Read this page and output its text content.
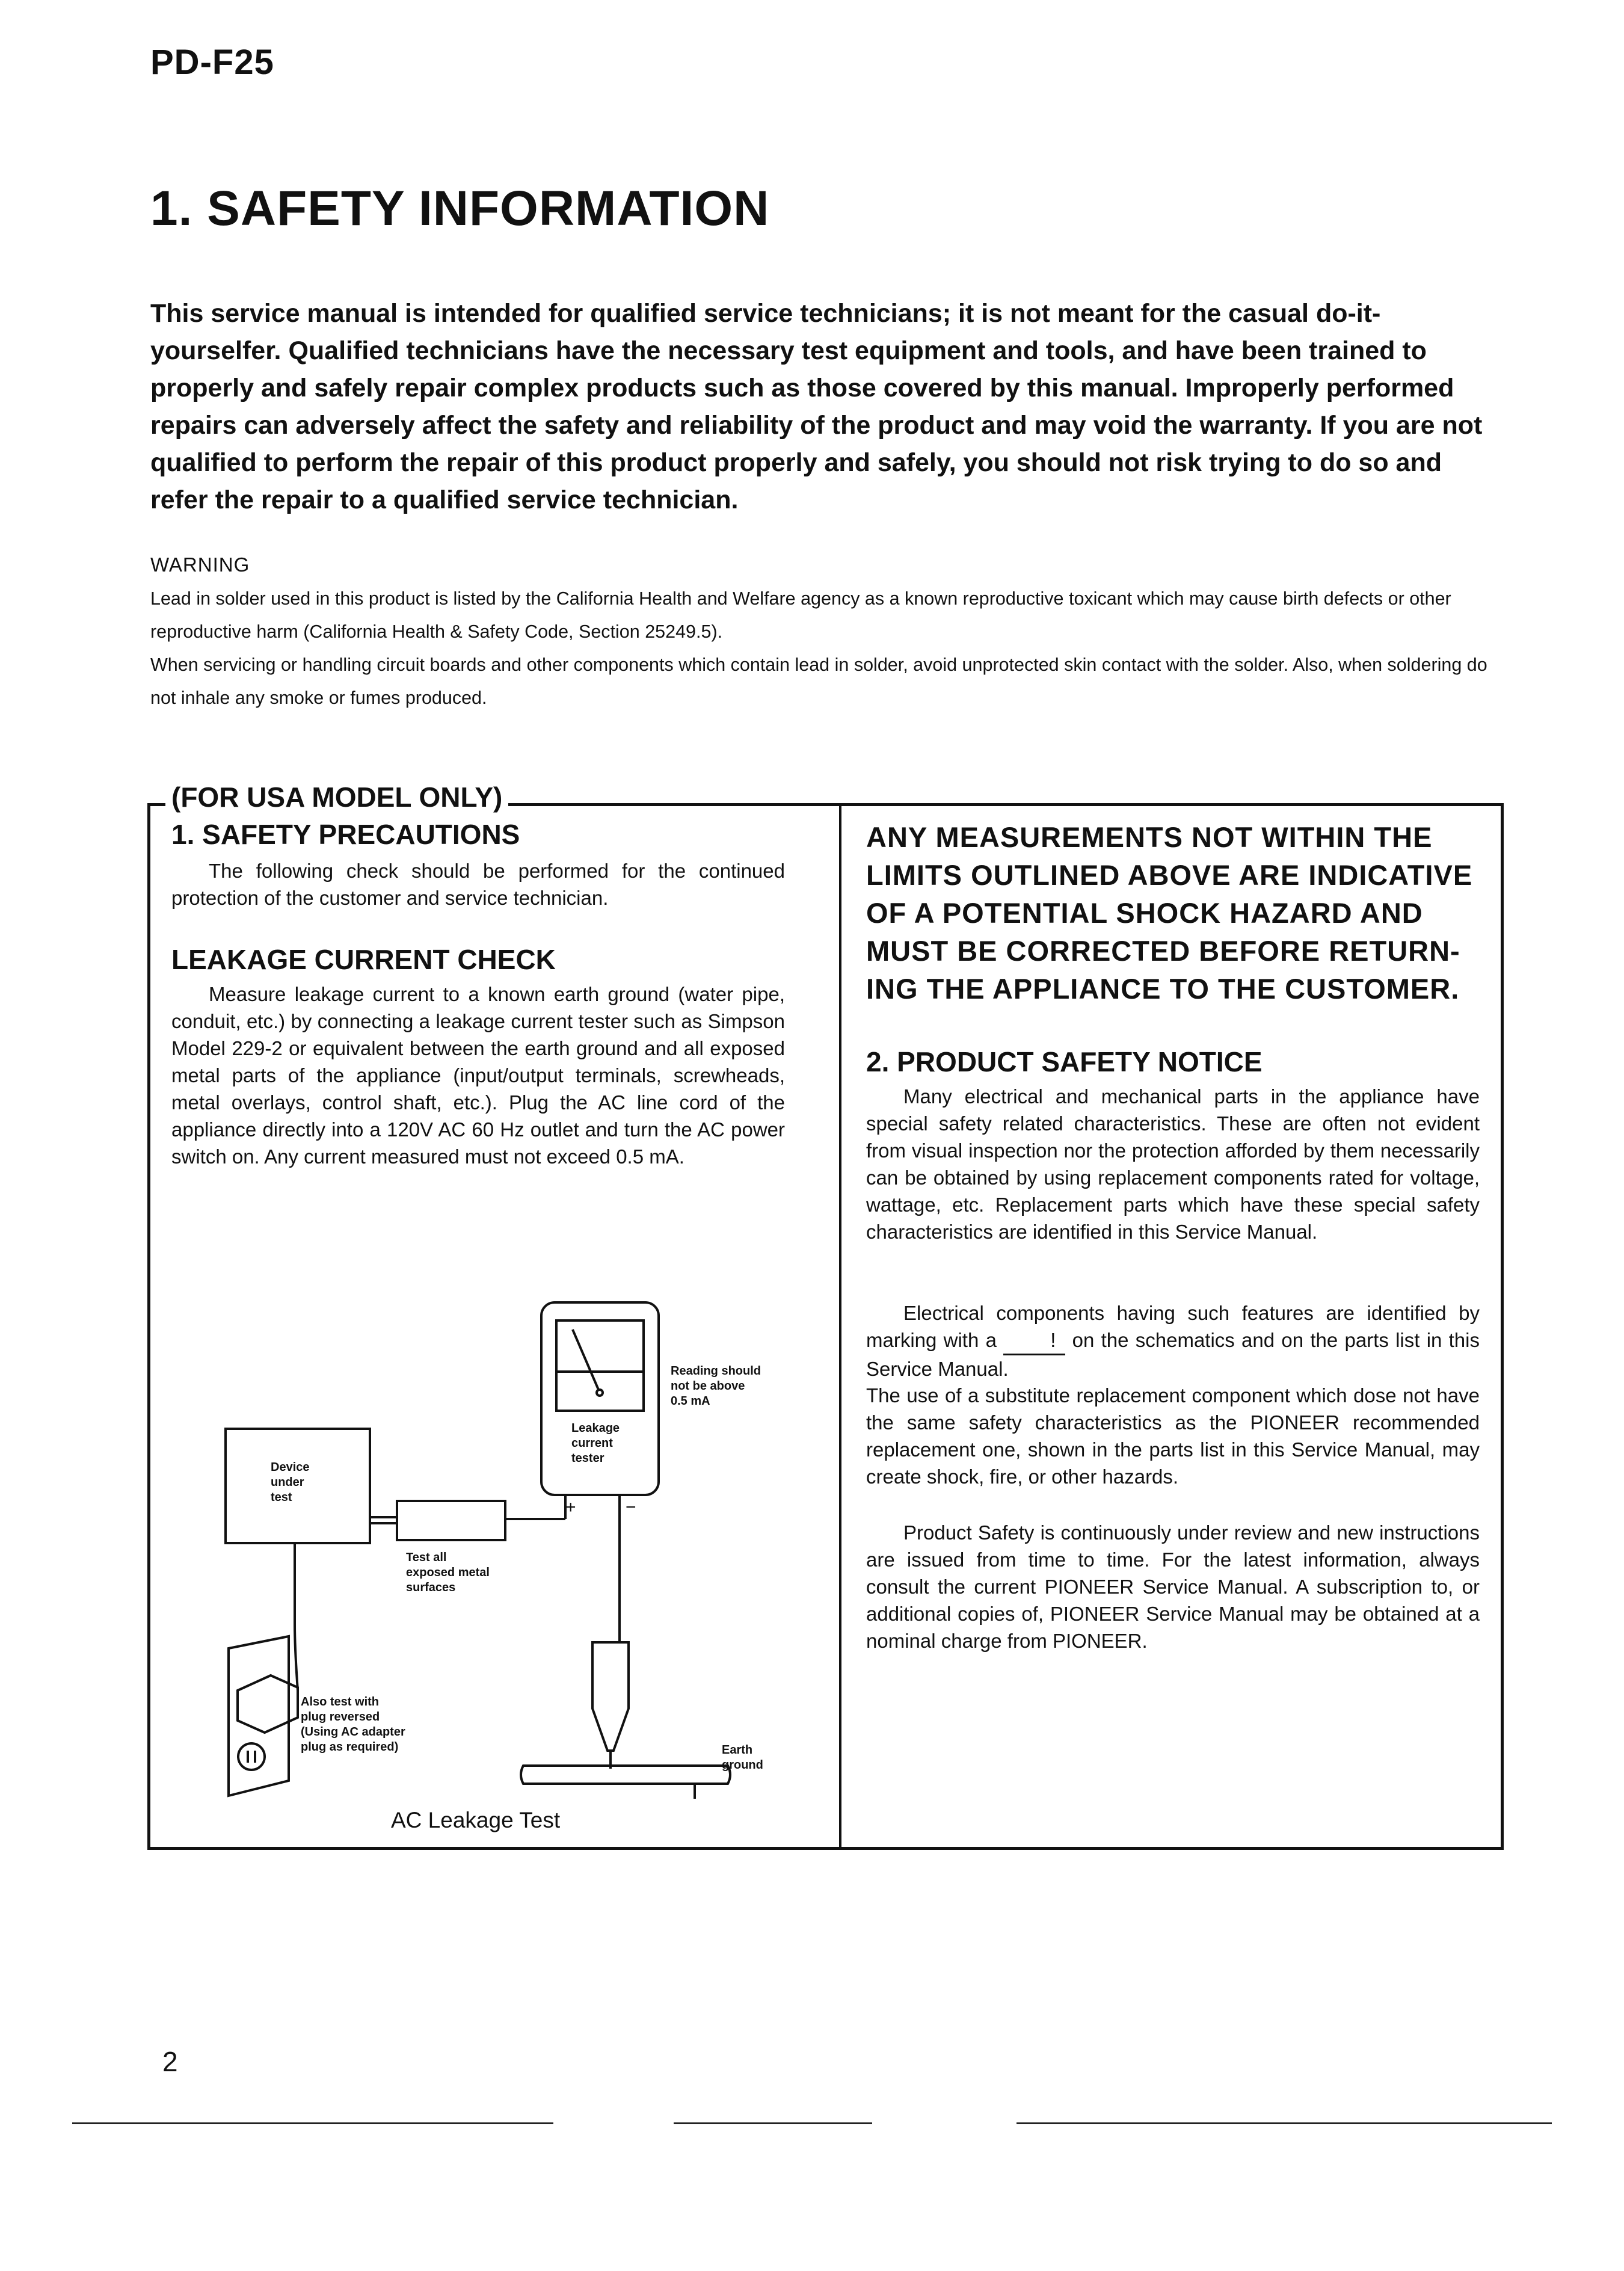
PD-F25
1. SAFETY INFORMATION
This service manual is intended for qualified service technicians; it is not meant for the casual do-it-yourselfer. Qualified technicians have the necessary test equipment and tools, and have been trained to properly and safely repair complex products such as those covered by this manual. Improperly performed repairs can adversely affect the safety and reliability of the product and may void the warranty. If you are not qualified to perform the repair of this product properly and safely, you should not risk trying to do so and refer the repair to a qualified service technician.
WARNING

Lead in solder used in this product is listed by the California Health and Welfare agency as a known reproductive toxicant which may cause birth defects or other reproductive harm (California Health & Safety Code, Section 25249.5).

When servicing or handling circuit boards and other components which contain lead in solder, avoid unprotected skin contact with the solder. Also, when soldering do not inhale any smoke or fumes produced.

(FOR USA MODEL ONLY)
1. SAFETY PRECAUTIONS
The following check should be performed for the continued protection of the customer and service technician.
LEAKAGE CURRENT CHECK
Measure leakage current to a known earth ground (water pipe, conduit, etc.) by connecting a leakage current tester such as Simpson Model 229-2 or equivalent between the earth ground and all exposed metal parts of the appliance (input/output terminals, screwheads, metal overlays, control shaft, etc.). Plug the AC line cord of the appliance directly into a 120V AC 60 Hz outlet and turn the AC power switch on. Any current measured must not exceed 0.5 mA.
+	−
Device
under
test
Leakage
current
tester
Reading should
not be above
0.5 mA
Test all
exposed metal
surfaces
Also test with
plug reversed
(Using AC adapter
plug as required)	Earth
ground
AC Leakage Test
ANY MEASUREMENTS NOT WITHIN THE LIMITS OUTLINED ABOVE ARE INDICATIVE OF A POTENTIAL SHOCK HAZARD AND MUST BE CORRECTED BEFORE RETURN-ING THE APPLIANCE TO THE CUSTOMER.
2. PRODUCT SAFETY NOTICE
Many electrical and mechanical parts in the appliance have special safety related characteristics. These are often not evident from visual inspection nor the protection afforded by them necessarily can be obtained by using replacement components rated for voltage, wattage, etc. Replacement parts which have these special safety characteristics are identified in this Service Manual.
Electrical components having such features are identified by marking with a	! on the schematics and on the parts list in this Service Manual.
The use of a substitute replacement component which dose not have the same safety characteristics as the PIONEER recommended replacement one, shown in the parts list in this Service Manual, may create shock, fire, or other hazards.
Product Safety is continuously under review and new instructions are issued from time to time. For the latest information, always consult the current PIONEER Service Manual. A subscription to, or additional copies of, PIONEER Service Manual may be obtained at a nominal charge from PIONEER.
2
